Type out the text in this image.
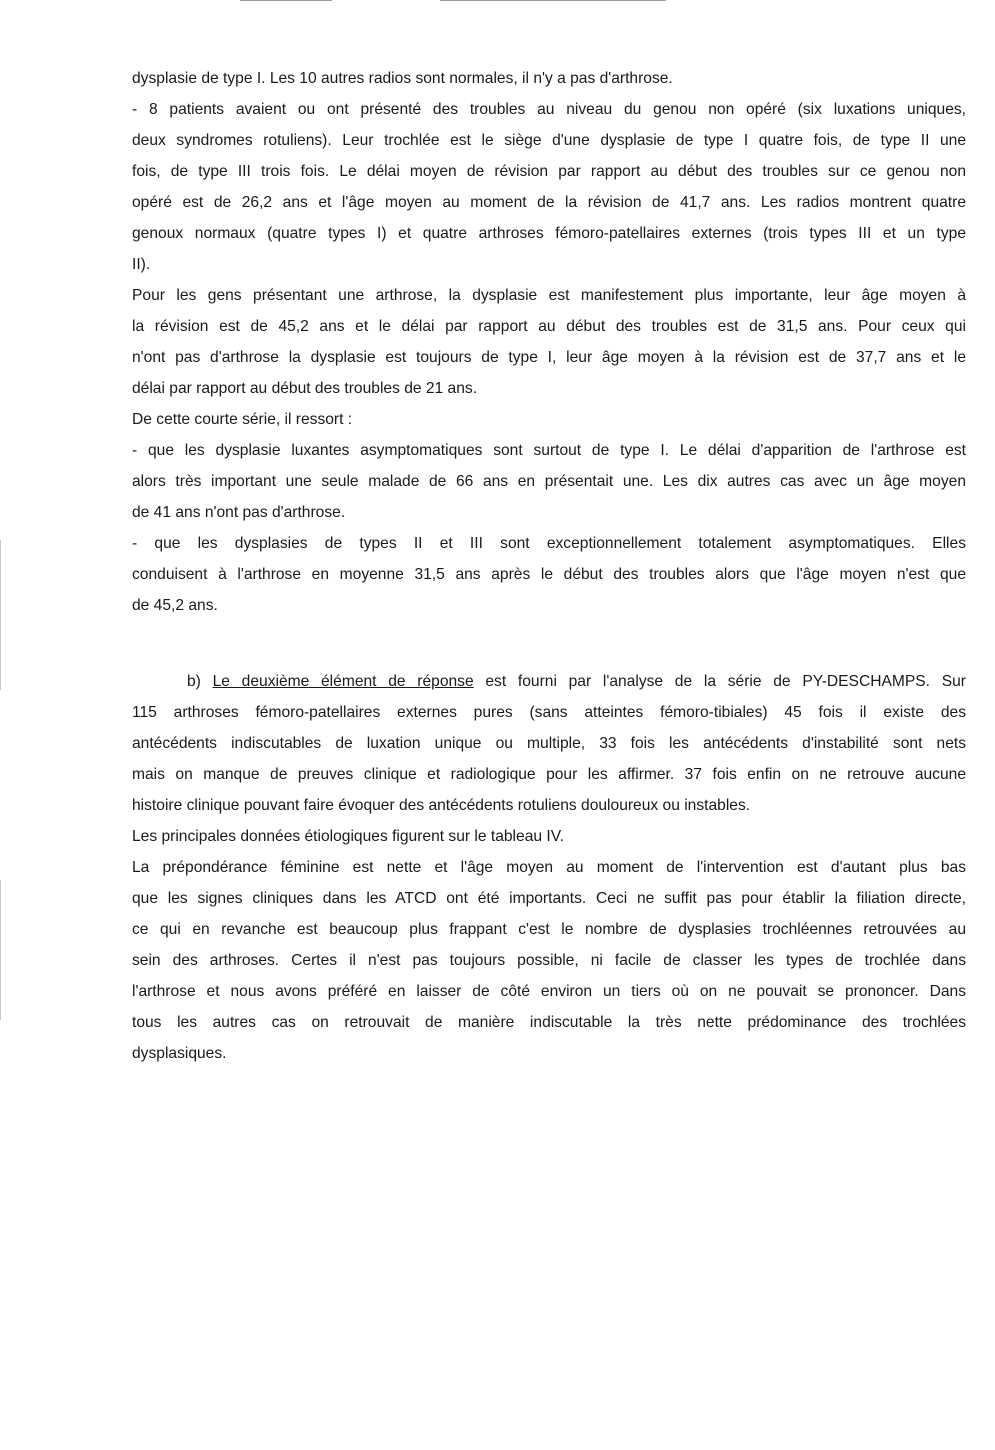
dysplasie de type I. Les 10 autres radios sont normales, il n'y a pas d'arthrose.
- 8 patients avaient ou ont présenté des troubles au niveau du genou non opéré (six luxations uniques,
deux syndromes rotuliens). Leur trochlée est le siège d'une dysplasie de type I quatre fois, de type II une
fois, de type III trois fois. Le délai moyen de révision par rapport au début des troubles sur ce genou non
opéré est de 26,2 ans et l'âge moyen au moment de la révision de 41,7 ans. Les radios montrent quatre
genoux normaux (quatre types I) et quatre arthroses fémoro-patellaires externes (trois types III et un type
II).
Pour les gens présentant une arthrose, la dysplasie est manifestement plus importante, leur âge moyen à
la révision est de 45,2 ans et le délai par rapport au début des troubles est de 31,5 ans. Pour ceux qui
n'ont pas d'arthrose la dysplasie est toujours de type I, leur âge moyen à la révision est de 37,7 ans et le
délai par rapport au début des troubles de 21 ans.
De cette courte série, il ressort :
- que les dysplasie luxantes asymptomatiques sont surtout de type I. Le délai d'apparition de l'arthrose est
alors très important une seule malade de 66 ans en présentait une. Les dix autres cas avec un âge moyen
de 41 ans n'ont pas d'arthrose.
- que les dysplasies de types II et III sont exceptionnellement totalement asymptomatiques. Elles
conduisent à l'arthrose en moyenne 31,5 ans après le début des troubles alors que l'âge moyen n'est que
de 45,2 ans.
b) Le deuxième élément de réponse est fourni par l'analyse de la série de PY-DESCHAMPS. Sur
115 arthroses fémoro-patellaires externes pures (sans atteintes fémoro-tibiales) 45 fois il existe des
antécédents indiscutables de luxation unique ou multiple, 33 fois les antécédents d'instabilité sont nets
mais on manque de preuves clinique et radiologique pour les affirmer. 37 fois enfin on ne retrouve aucune
histoire clinique pouvant faire évoquer des antécédents rotuliens douloureux ou instables.
Les principales données étiologiques figurent sur le tableau IV.
La prépondérance féminine est nette et l'âge moyen au moment de l'intervention est d'autant plus bas
que les signes cliniques dans les ATCD ont été importants. Ceci ne suffit pas pour établir la filiation directe,
ce qui en revanche est beaucoup plus frappant c'est le nombre de dysplasies trochléennes retrouvées au
sein des arthroses. Certes il n'est pas toujours possible, ni facile de classer les types de trochlée dans
l'arthrose et nous avons préféré en laisser de côté environ un tiers où on ne pouvait se prononcer. Dans
tous les autres cas on retrouvait de manière indiscutable la très nette prédominance des trochlées
dysplasiques.
